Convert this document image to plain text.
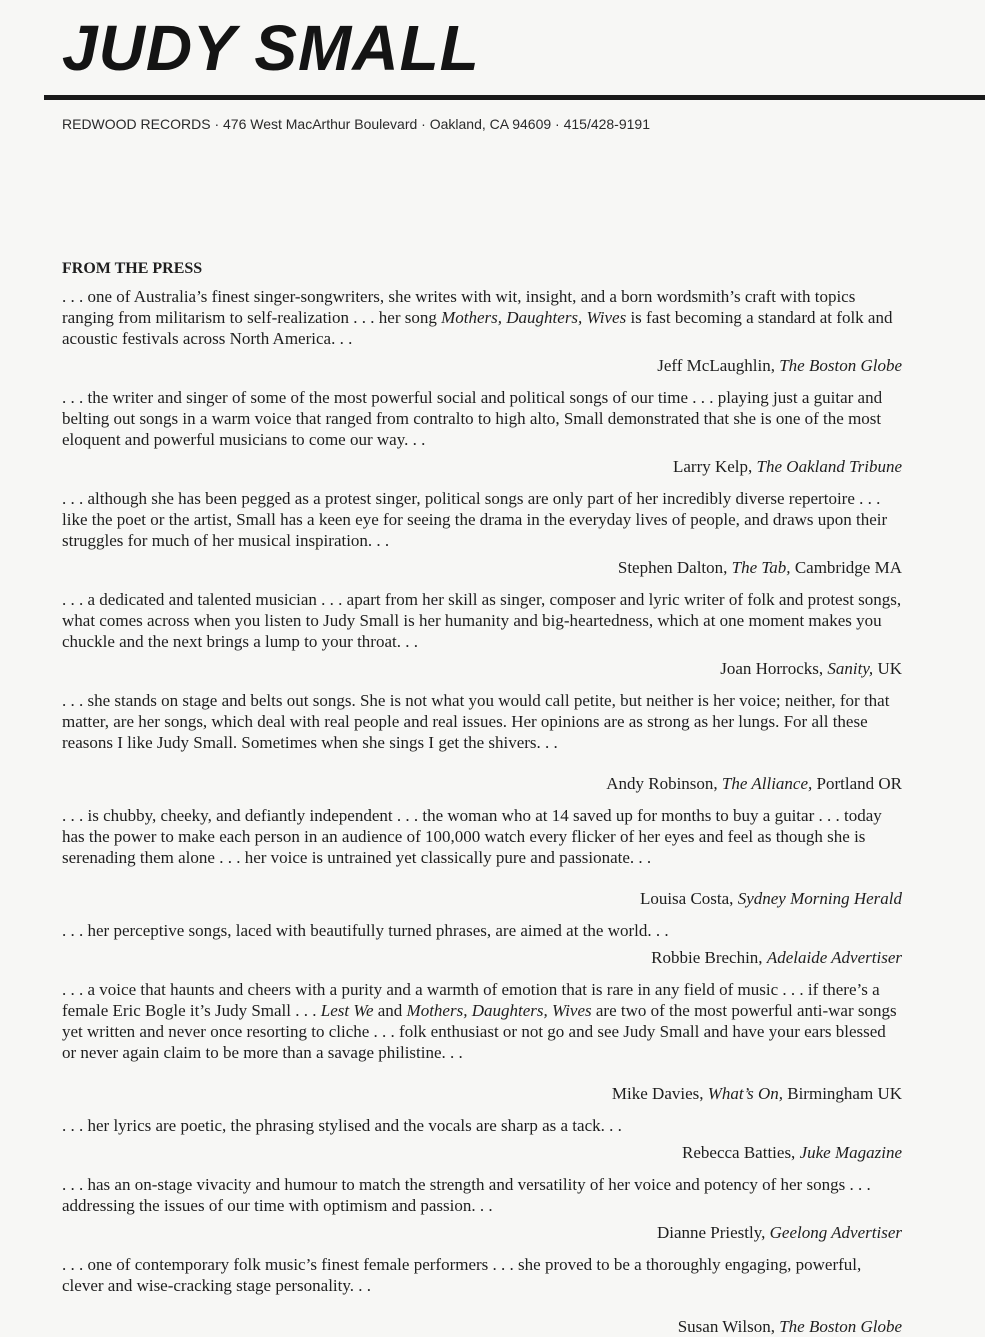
JUDY SMALL
REDWOOD RECORDS · 476 West MacArthur Boulevard · Oakland, CA 94609 · 415/428-9191
FROM THE PRESS

. . . one of Australia’s finest singer-songwriters, she writes with wit, insight, and a born wordsmith’s craft with topics ranging from militarism to self-realization . . . her song Mothers, Daughters, Wives is fast becoming a standard at folk and acoustic festivals across North America. . .

Jeff McLaughlin, The Boston Globe

. . . the writer and singer of some of the most powerful social and political songs of our time . . . playing just a guitar and belting out songs in a warm voice that ranged from contralto to high alto, Small demonstrated that she is one of the most eloquent and powerful musicians to come our way. . .

Larry Kelp, The Oakland Tribune

. . . although she has been pegged as a protest singer, political songs are only part of her incredibly diverse repertoire . . . like the poet or the artist, Small has a keen eye for seeing the drama in the everyday lives of people, and draws upon their struggles for much of her musical inspiration. . .

Stephen Dalton, The Tab, Cambridge MA

. . . a dedicated and talented musician . . . apart from her skill as singer, composer and lyric writer of folk and protest songs, what comes across when you listen to Judy Small is her humanity and big-heartedness, which at one moment makes you chuckle and the next brings a lump to your throat. . .

Joan Horrocks, Sanity, UK

. . . she stands on stage and belts out songs. She is not what you would call petite, but neither is her voice; neither, for that matter, are her songs, which deal with real people and real issues. Her opinions are as strong as her lungs. For all these reasons I like Judy Small. Sometimes when she sings I get the shivers. . .

Andy Robinson, The Alliance, Portland OR

. . . is chubby, cheeky, and defiantly independent . . . the woman who at 14 saved up for months to buy a guitar . . . today has the power to make each person in an audience of 100,000 watch every flicker of her eyes and feel as though she is serenading them alone . . . her voice is untrained yet classically pure and passionate. . .

Louisa Costa, Sydney Morning Herald

. . . her perceptive songs, laced with beautifully turned phrases, are aimed at the world. . .

Robbie Brechin, Adelaide Advertiser

. . . a voice that haunts and cheers with a purity and a warmth of emotion that is rare in any field of music . . . if there’s a female Eric Bogle it’s Judy Small . . . Lest We and Mothers, Daughters, Wives are two of the most powerful anti-war songs yet written and never once resorting to cliche . . . folk enthusiast or not go and see Judy Small and have your ears blessed or never again claim to be more than a savage philistine. . .

Mike Davies, What’s On, Birmingham UK

. . . her lyrics are poetic, the phrasing stylised and the vocals are sharp as a tack. . .

Rebecca Batties, Juke Magazine

. . . has an on-stage vivacity and humour to match the strength and versatility of her voice and potency of her songs . . . addressing the issues of our time with optimism and passion. . .

Dianne Priestly, Geelong Advertiser

. . . one of contemporary folk music’s finest female performers . . . she proved to be a thoroughly engaging, powerful, clever and wise-cracking stage personality. . .

Susan Wilson, The Boston Globe
